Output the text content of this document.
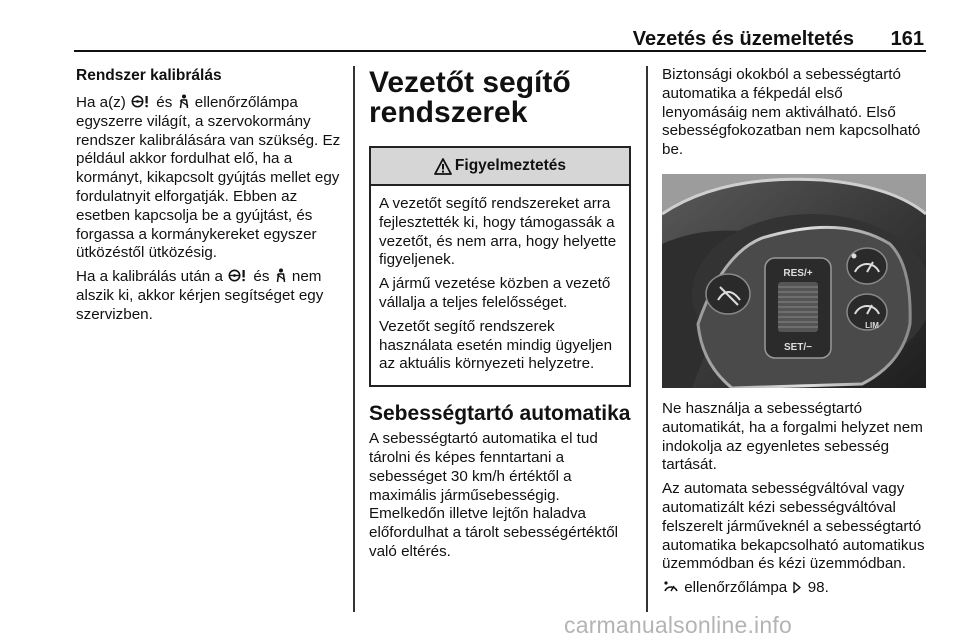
Vezetés és üzemeltetés 161
Rendszer kalibrálás

Ha a(z) és ellenőrzőlámpa egyszerre világít, a szervokormány rendszer kalibrálására van szükség. Ez például akkor fordulhat elő, ha a kormányt, kikapcsolt gyújtás mellet egy fordulatnyit elforgatják. Ebben az esetben kapcsolja be a gyújtást, és forgassa a kormánykereket egyszer ütközéstől ütközésig.

Ha a kalibrálás után a és nem alszik ki, akkor kérjen segítséget egy szervizben.

Vezetőt segítő rendszerek
Figyelmeztetés

A vezetőt segítő rendszereket arra fejlesztették ki, hogy támogassák a vezetőt, és nem arra, hogy helyette figyeljenek.

A jármű vezetése közben a vezető vállalja a teljes felelősséget.

Vezetőt segítő rendszerek használata esetén mindig ügyeljen az aktuális környezeti helyzetre.

Sebességtartó automatika

A sebességtartó automatika el tud tárolni és képes fenntartani a sebességet 30 km/h értéktől a maximális járműsebességig. Emelkedőn illetve lejtőn haladva előfordulhat a tárolt sebességértéktől való eltérés.

Biztonsági okokból a sebességtartó automatika a fékpedál első lenyomásáig nem aktiválható. Első sebességfokozatban nem kapcsolható be.

RES/+
SET/−
LIM

Ne használja a sebességtartó automatikát, ha a forgalmi helyzet nem indokolja az egyenletes sebesség tartását.

Az automata sebességváltóval vagy automatizált kézi sebességváltóval felszerelt járműveknél a sebességtartó automatika bekapcsolható automatikus üzemmódban és kézi üzemmódban.

ellenőrzőlámpa 98.

carmanualsonline.info
